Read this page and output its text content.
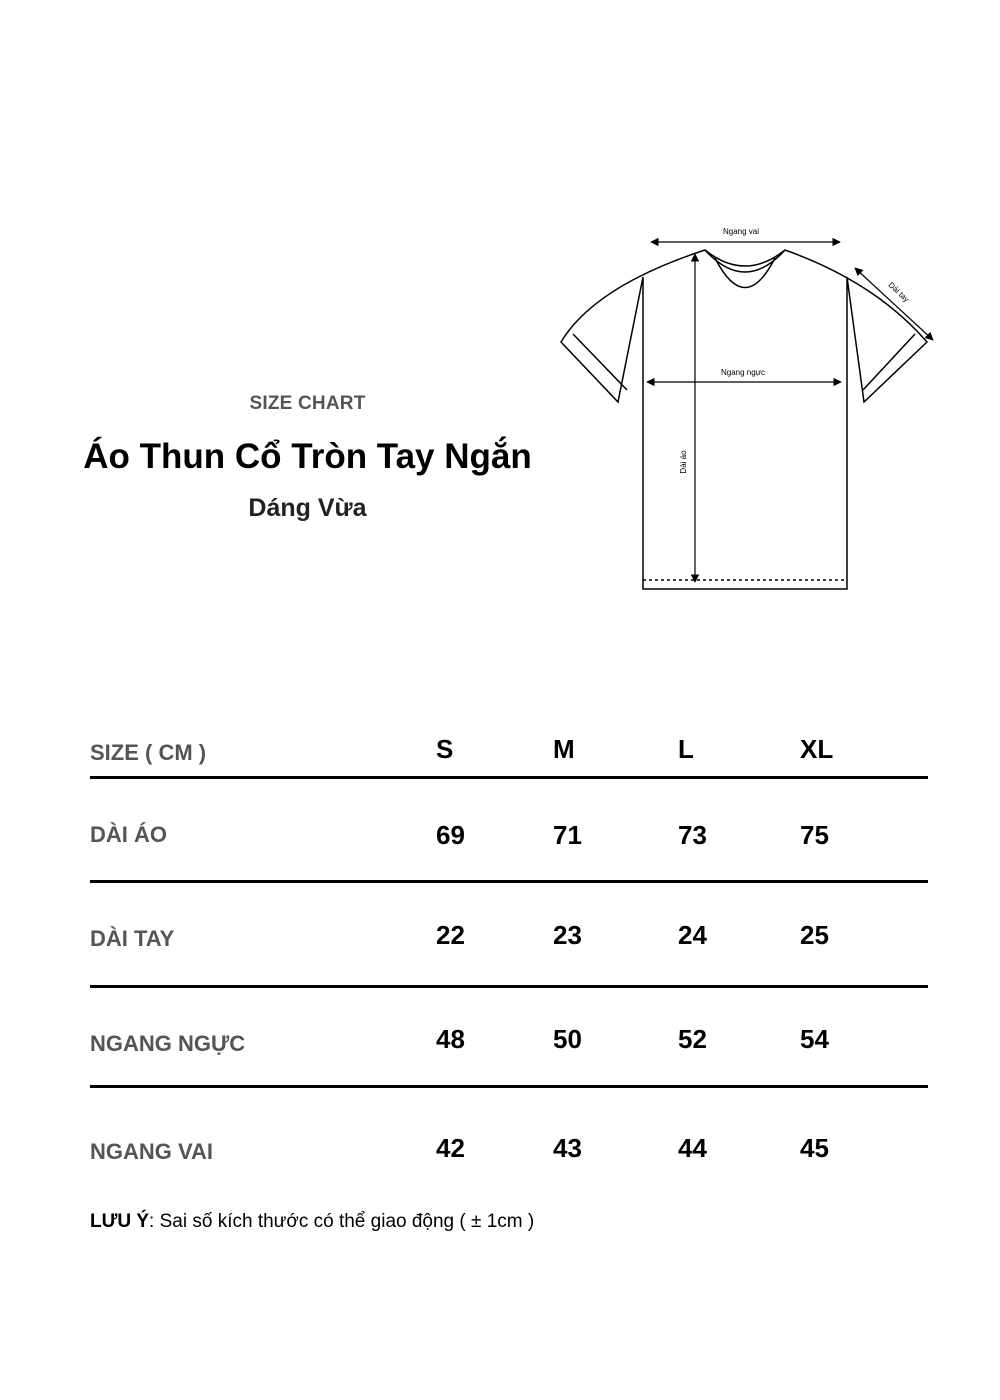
SIZE CHART
Áo Thun Cổ Tròn Tay Ngắn
Dáng Vừa
Ngang vai
Dài tay
Ngang ngực
Dài áo
SIZE ( CM )	S	M	L	XL
DÀI ÁO	69	71	73	75
DÀI TAY	22	23	24	25
NGANG NGỰC	48	50	52	54
NGANG VAI	42	43	44	45
LƯU Ý: Sai số kích thước có thể giao động ( ± 1cm )
